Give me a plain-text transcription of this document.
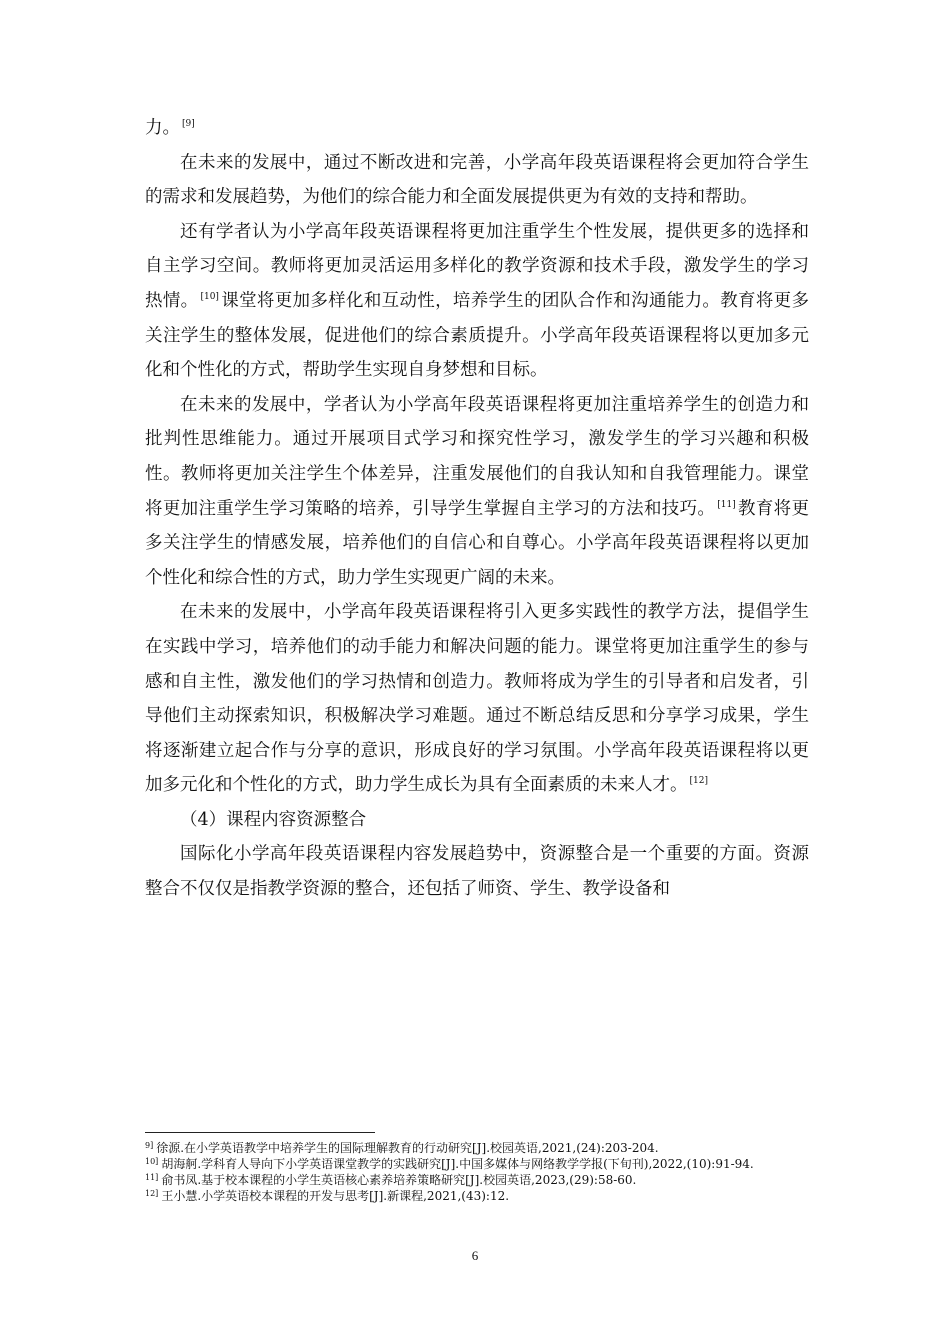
力。 [9]

在未来的发展中，通过不断改进和完善，小学高年段英语课程将会更加符合学生的需求和发展趋势，为他们的综合能力和全面发展提供更为有效的支持和帮助。

还有学者认为小学高年段英语课程将更加注重学生个性发展，提供更多的选择和自主学习空间。教师将更加灵活运用多样化的教学资源和技术手段，激发学生的学习热情。 [10] 课堂将更加多样化和互动性，培养学生的团队合作和沟通能力。教育将更多关注学生的整体发展，促进他们的综合素质提升。小学高年段英语课程将以更加多元化和个性化的方式，帮助学生实现自身梦想和目标。

在未来的发展中，学者认为小学高年段英语课程将更加注重培养学生的创造力和批判性思维能力。通过开展项目式学习和探究性学习，激发学生的学习兴趣和积极性。教师将更加关注学生个体差异，注重发展他们的自我认知和自我管理能力。课堂将更加注重学生学习策略的培养，引导学生掌握自主学习的方法和技巧。 [11] 教育将更多关注学生的情感发展，培养他们的自信心和自尊心。小学高年段英语课程将以更加个性化和综合性的方式，助力学生实现更广阔的未来。

在未来的发展中，小学高年段英语课程将引入更多实践性的教学方法，提倡学生在实践中学习，培养他们的动手能力和解决问题的能力。课堂将更加注重学生的参与感和自主性，激发他们的学习热情和创造力。教师将成为学生的引导者和启发者，引导他们主动探索知识，积极解决学习难题。通过不断总结反思和分享学习成果，学生将逐渐建立起合作与分享的意识，形成良好的学习氛围。小学高年段英语课程将以更加多元化和个性化的方式，助力学生成长为具有全面素质的未来人才。 [12]

（4）课程内容资源整合

国际化小学高年段英语课程内容发展趋势中，资源整合是一个重要的方面。资源整合不仅仅是指教学资源的整合，还包括了师资、学生、教学设备和

$^{9]}$ 徐源.在小学英语教学中培养学生的国际理解教育的行动研究[J].校园英语,2021,(24):203-204.

$^{10]}$ 胡海舸.学科育人导向下小学英语课堂教学的实践研究[J].中国多媒体与网络教学学报(下旬刊),2022,(10):91-94.

$^{11]}$ 俞书凤.基于校本课程的小学生英语核心素养培养策略研究[J].校园英语,2023,(29):58-60.

$^{12]}$ 王小慧.小学英语校本课程的开发与思考[J].新课程,2021,(43):12.

6
